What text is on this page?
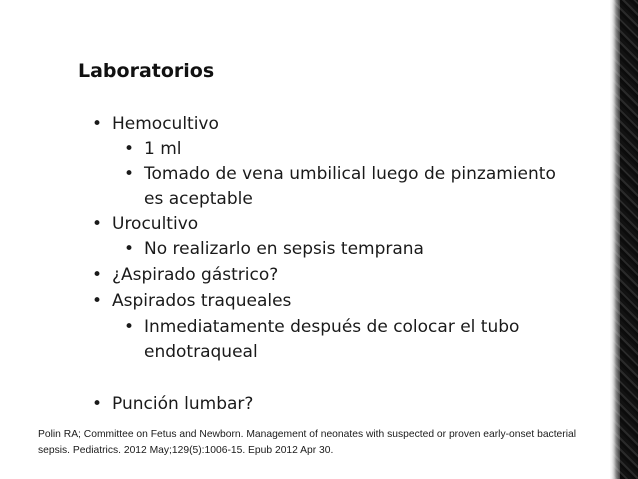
Laboratorios
• Hemocultivo
• 1 ml
• Tomado de vena umbilical luego de pinzamiento
es aceptable
• Urocultivo
• No realizarlo en sepsis temprana
• ¿Aspirado gástrico?
• Aspirados traqueales
• Inmediatamente después de colocar el tubo
endotraqueal
• Punción lumbar?
Polin RA; Committee on Fetus and Newborn. Management of neonates with suspected or proven early-onset bacterial
sepsis. Pediatrics. 2012 May;129(5):1006-15. Epub 2012 Apr 30.
